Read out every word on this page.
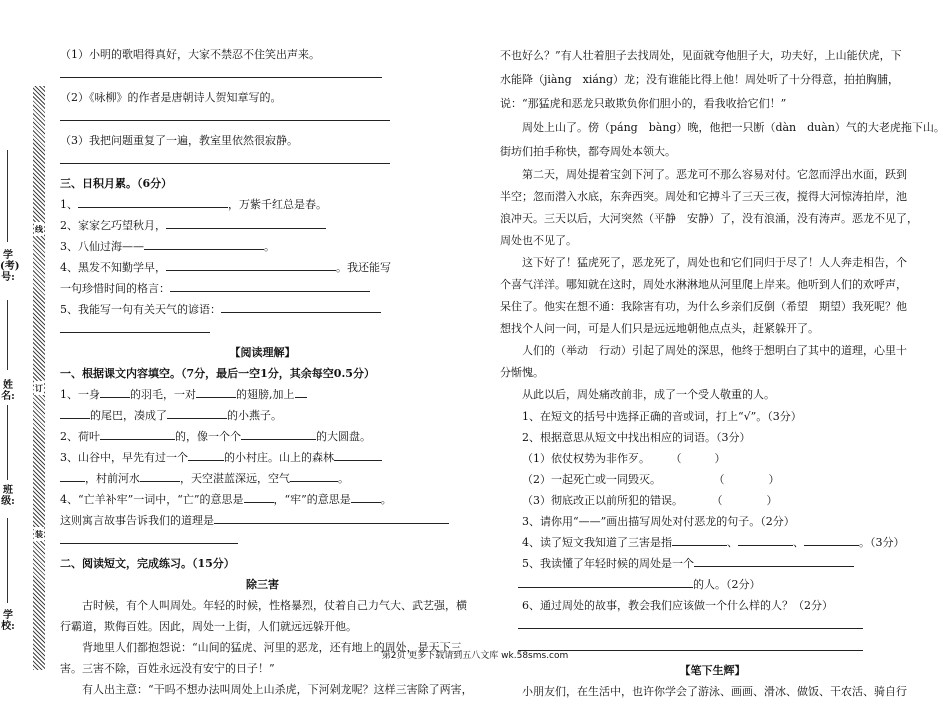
线
订
装
学(考)号:
姓名:
班级:
学校:

（1）小明的歌唱得真好，大家不禁忍不住笑出声来。

（2）《咏柳》的作者是唐朝诗人贺知章写的。

（3）我把问题重复了一遍，教室里依然很寂静。

三、日积月累。（6分）

1、	，万紫千红总是春。

2、家家乞巧望秋月，

3、八仙过海——	。

4、黑发不知勤学早，	。我还能写

一句珍惜时间的格言：

5、我能写一句有关天气的谚语：

【阅读理解】

一、根据课文内容填空。（7分，最后一空1分，其余每空0.5分）

1、一身	的羽毛，一对	的翅膀,加上

的尾巴，凑成了	的小燕子。

2、荷叶	的，像一个个	的大圆盘。

3、山谷中，早先有过一个	的小村庄。山上的森林

，村前河水	，天空湛蓝深远，空气	。

4、“亡羊补牢”一词中，“亡”的意思是	，“牢”的意思是	。

这则寓言故事告诉我们的道理是

二、阅读短文，完成练习。（15分）

除三害

古时候，有个人叫周处。年轻的时候，性格暴烈，仗着自己力气大、武艺强，横

行霸道，欺侮百姓。因此，周处一上街，人们就远远躲开他。

背地里人们都抱怨说：“山间的猛虎、河里的恶龙，还有地上的周处，是天下三

害。三害不除，百姓永远没有安宁的日子！”

有人出主意：“干吗不想办法叫周处上山杀虎，下河剁龙呢？这样三害除了两害，

不也好么？”有人壮着胆子去找周处，见面就夸他胆子大，功夫好，上山能伏虎，下

水能降（jiàng　xiáng）龙；没有谁能比得上他！周处听了十分得意，拍拍胸脯，

说：“那猛虎和恶龙只敢欺负你们胆小的，看我收拾它们！”

周处上山了。傍（páng　bàng）晚，他把一只断（dàn　duàn）气的大老虎拖下山。

街坊们拍手称快，都夸周处本领大。

第二天，周处提着宝剑下河了。恶龙可不那么容易对付。它忽而浮出水面，跃到

半空；忽而潜入水底，东奔西突。周处和它搏斗了三天三夜，搅得大河惊涛拍岸，池

浪冲天。三天以后，大河突然（平静　安静）了，没有浪涌，没有涛声。恶龙不见了，

周处也不见了。

这下好了！猛虎死了，恶龙死了，周处也和它们同归于尽了！人人奔走相告，个

个喜气洋洋。哪知就在这时，周处水淋淋地从河里爬上岸来。他听到人们的欢呼声，

呆住了。他实在想不通：我除害有功，为什么乡亲们反倒（希望　期望）我死呢？他

想找个人问一问，可是人们只是远远地朝他点点头，赶紧躲开了。

人们的（举动　行动）引起了周处的深思，他终于想明白了其中的道理，心里十

分惭愧。

从此以后，周处痛改前非，成了一个受人敬重的人。

1、在短文的括号中选择正确的音或词，打上“√”。（3分）

2、根据意思从短文中找出相应的词语。（3分）

（1）依仗权势为非作歹。 （　　　）

（2）一起死亡或一同毁灭。	（　　　　）

（3）彻底改正以前所犯的错误。	（　　　　）

3、请你用“——”画出描写周处对付恶龙的句子。（2分）

4、读了短文我知道了三害是指	、	、	。（3分）

5、我读懂了年轻时候的周处是一个

的人。（2分）

6、通过周处的故事，教会我们应该做一个什么样的人？（2分）

【笔下生辉】

小朋友们，在生活中，也许你学会了游泳、画画、滑冰、做饭、干农活、骑自行

第2页 更多下载请到五八文库 wk.58sms.com
